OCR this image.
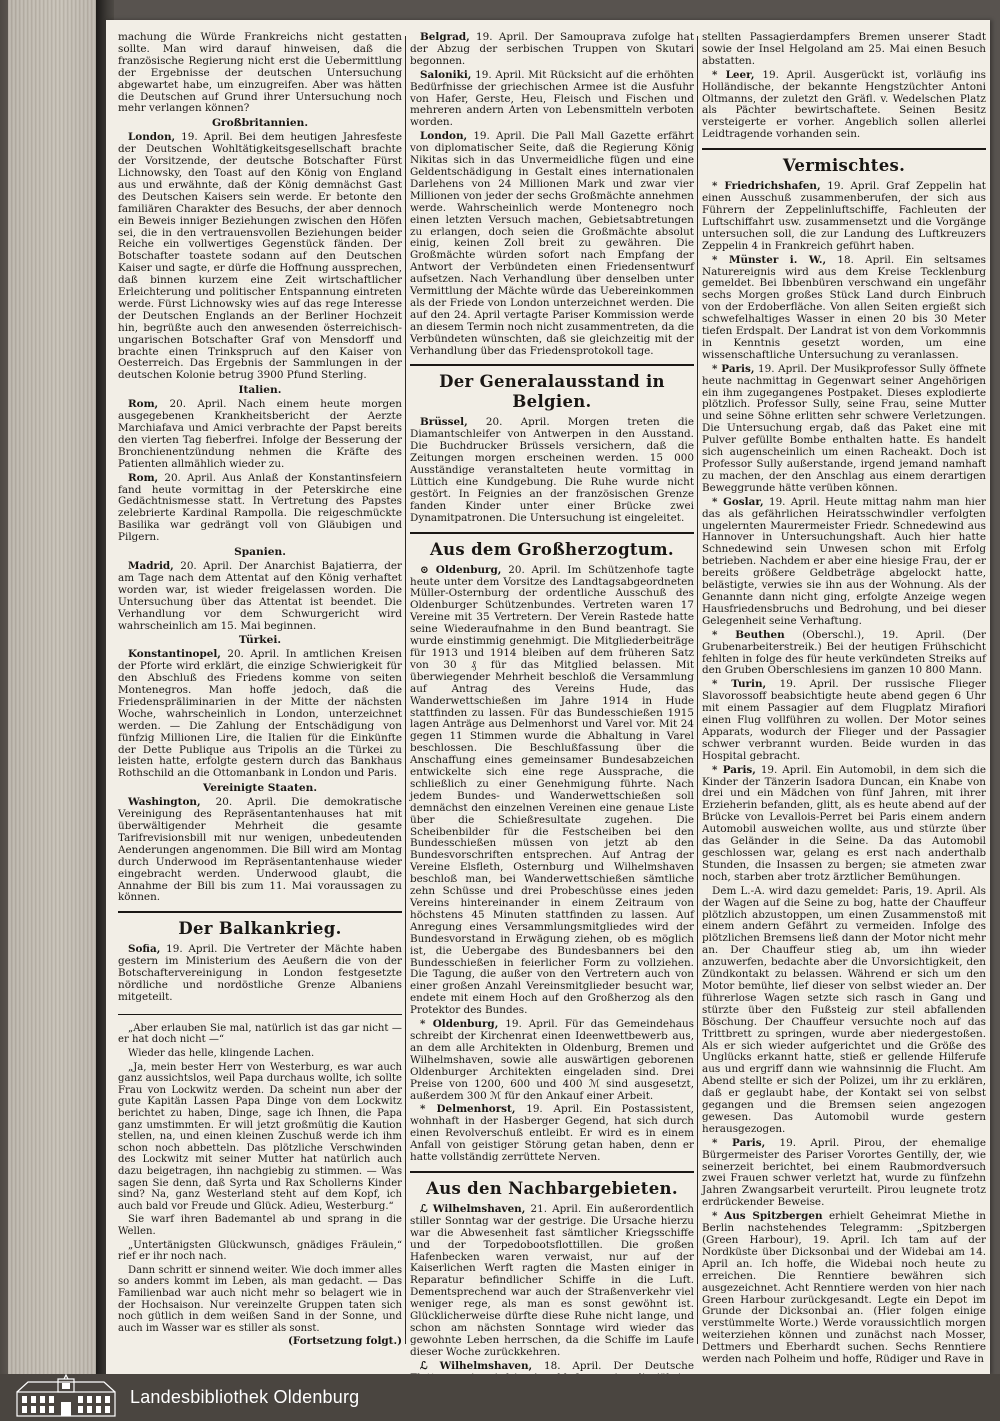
machung die Würde Frankreichs nicht gestatten sollte. Man wird darauf hinweisen, daß die französische Regierung nicht erst die Uebermittlung der Ergebnisse der deutschen Untersuchung abgewartet habe, um einzugreifen. Aber was hätten die Deutschen auf Grund ihrer Untersuchung noch mehr verlangen können?

Großbritannien.

London, 19. April. Bei dem heutigen Jahresfeste der Deutschen Wohltätigkeitsgesellschaft brachte der Vorsitzende, der deutsche Botschafter Fürst Lichnowsky, den Toast auf den König von England aus und erwähnte, daß der König demnächst Gast des Deutschen Kaisers sein werde. Er betonte den familiären Charakter des Besuchs, der aber dennoch ein Beweis inniger Beziehungen zwischen den Höfen sei, die in den vertrauensvollen Beziehungen beider Reiche ein vollwertiges Gegenstück fänden. Der Botschafter toastete sodann auf den Deutschen Kaiser und sagte, er dürfe die Hoffnung aussprechen, daß binnen kurzem eine Zeit wirtschaftlicher Erleichterung und politischer Entspannung eintreten werde. Fürst Lichnowsky wies auf das rege Interesse der Deutschen Englands an der Berliner Hochzeit hin, begrüßte auch den anwesenden österreichisch-ungarischen Botschafter Graf von Mensdorff und brachte einen Trinkspruch auf den Kaiser von Oesterreich. Das Ergebnis der Sammlungen in der deutschen Kolonie betrug 3900 Pfund Sterling.

Italien.

Rom, 20. April. Nach einem heute morgen ausgegebenen Krankheitsbericht der Aerzte Marchiafava und Amici verbrachte der Papst bereits den vierten Tag fieberfrei. Infolge der Besserung der Bronchienentzündung nehmen die Kräfte des Patienten allmählich wieder zu.

Rom, 20. April. Aus Anlaß der Konstantinsfeiern fand heute vormittag in der Peterskirche eine Gedächtnismesse statt. In Vertretung des Papstes zelebrierte Kardinal Rampolla. Die reigeschmückte Basilika war gedrängt voll von Gläubigen und Pilgern.

Spanien.

Madrid, 20. April. Der Anarchist Bajatierra, der am Tage nach dem Attentat auf den König verhaftet worden war, ist wieder freigelassen worden. Die Untersuchung über das Attentat ist beendet. Die Verhandlung vor dem Schwurgericht wird wahrscheinlich am 15. Mai beginnen.

Türkei.

Konstantinopel, 20. April. In amtlichen Kreisen der Pforte wird erklärt, die einzige Schwierigkeit für den Abschluß des Friedens komme von seiten Montenegros. Man hoffe jedoch, daß die Friedenspräliminarien in der Mitte der nächsten Woche, wahrscheinlich in London, unterzeichnet werden. — Die Zahlung der Entschädigung von fünfzig Millionen Lire, die Italien für die Einkünfte der Dette Publique aus Tripolis an die Türkei zu leisten hatte, erfolgte gestern durch das Bankhaus Rothschild an die Ottomanbank in London und Paris.

Vereinigte Staaten.

Washington, 20. April. Die demokratische Vereinigung des Repräsentantenhauses hat mit überwältigender Mehrheit die gesamte Tarifrevisionsbill mit nur wenigen, unbedeutenden Aenderungen angenommen. Die Bill wird am Montag durch Underwood im Repräsentantenhause wieder eingebracht werden. Underwood glaubt, die Annahme der Bill bis zum 11. Mai voraussagen zu können.

Der Balkankrieg.

Sofia, 19. April. Die Vertreter der Mächte haben gestern im Ministerium des Aeußern die von der Botschaftervereinigung in London festgesetzte nördliche und nordöstliche Grenze Albaniens mitgeteilt.

„Aber erlauben Sie mal, natürlich ist das gar nicht — er hat doch nicht —“

Wieder das helle, klingende Lachen.

„Ja, mein bester Herr von Westerburg, es war auch ganz aussichtslos, weil Papa durchaus wollte, ich sollte Frau von Lockwitz werden. Da scheint nun aber der gute Kapitän Lassen Papa Dinge von dem Lockwitz berichtet zu haben, Dinge, sage ich Ihnen, die Papa ganz umstimmten. Er will jetzt großmütig die Kaution stellen, na, und einen kleinen Zuschuß werde ich ihm schon noch abbetteln. Das plötzliche Verschwinden des Lockwitz mit seiner Mutter hat natürlich auch dazu beigetragen, ihn nachgiebig zu stimmen. — Was sagen Sie denn, daß Syrta und Rax Schollerns Kinder sind? Na, ganz Westerland steht auf dem Kopf, ich auch bald vor Freude und Glück. Adieu, Westerburg.“

Sie warf ihren Bademantel ab und sprang in die Wellen.

„Untertänigsten Glückwunsch, gnädiges Fräulein,“ rief er ihr noch nach.

Dann schritt er sinnend weiter. Wie doch immer alles so anders kommt im Leben, als man gedacht. — Das Familienbad war auch nicht mehr so belagert wie in der Hochsaison. Nur vereinzelte Gruppen taten sich noch gütlich in dem weißen Sand in der Sonne, und auch im Wasser war es stiller als sonst.

(Fortsetzung folgt.)

Belgrad, 19. April. Der Samouprava zufolge hat der Abzug der serbischen Truppen von Skutari begonnen.

Saloniki, 19. April. Mit Rücksicht auf die erhöhten Bedürfnisse der griechischen Armee ist die Ausfuhr von Hafer, Gerste, Heu, Fleisch und Fischen und mehreren andern Arten von Lebensmitteln verboten worden.

London, 19. April. Die Pall Mall Gazette erfährt von diplomatischer Seite, daß die Regierung König Nikitas sich in das Unvermeidliche fügen und eine Geldentschädigung in Gestalt eines internationalen Darlehens von 24 Millionen Mark und zwar vier Millionen von jeder der sechs Großmächte annehmen werde. Wahrscheinlich werde Montenegro noch einen letzten Versuch machen, Gebietsabtretungen zu erlangen, doch seien die Großmächte absolut einig, keinen Zoll breit zu gewähren. Die Großmächte würden sofort nach Empfang der Antwort der Verbündeten einen Friedensentwurf aufsetzen. Nach Verhandlung über denselben unter Vermittlung der Mächte würde das Uebereinkommen als der Friede von London unterzeichnet werden. Die auf den 24. April vertagte Pariser Kommission werde an diesem Termin noch nicht zusammentreten, da die Verbündeten wünschten, daß sie gleichzeitig mit der Verhandlung über das Friedensprotokoll tage.

Der Generalausstand in Belgien.

Brüssel, 20. April. Morgen treten die Diamantschleifer von Antwerpen in den Ausstand. Die Buchdrucker Brüssels versichern, daß die Zeitungen morgen erscheinen werden. 15 000 Ausständige veranstalteten heute vormittag in Lüttich eine Kundgebung. Die Ruhe wurde nicht gestört. In Feignies an der französischen Grenze fanden Kinder unter einer Brücke zwei Dynamitpatronen. Die Untersuchung ist eingeleitet.

Aus dem Großherzogtum.

⊙ Oldenburg, 20. April. Im Schützenhofe tagte heute unter dem Vorsitze des Landtagsabgeordneten Müller-Osternburg der ordentliche Ausschuß des Oldenburger Schützenbundes. Vertreten waren 17 Vereine mit 35 Vertretern. Der Verein Rastede hatte seine Wiederaufnahme in den Bund beantragt. Sie wurde einstimmig genehmigt. Die Mitgliederbeiträge für 1913 und 1914 bleiben auf dem früheren Satz von 30 ₰ für das Mitglied belassen. Mit überwiegender Mehrheit beschloß die Versammlung auf Antrag des Vereins Hude, das Wanderwettschießen im Jahre 1914 in Hude stattfinden zu lassen. Für das Bundesschießen 1915 lagen Anträge aus Delmenhorst und Varel vor. Mit 24 gegen 11 Stimmen wurde die Abhaltung in Varel beschlossen. Die Beschlußfassung über die Anschaffung eines gemeinsamer Bundesabzeichen entwickelte sich eine rege Aussprache, die schließlich zu einer Genehmigung führte. Nach jedem Bundes- und Wanderwettschießen soll demnächst den einzelnen Vereinen eine genaue Liste über die Schießresultate zugehen. Die Scheibenbilder für die Festscheiben bei den Bundesschießen müssen von jetzt ab den Bundesvorschriften entsprechen. Auf Antrag der Vereine Elsfleth, Osternburg und Wilhelmshaven beschloß man, bei Wanderwettschießen sämtliche zehn Schüsse und drei Probeschüsse eines jeden Vereins hintereinander in einem Zeitraum von höchstens 45 Minuten stattfinden zu lassen. Auf Anregung eines Versammlungsmitgliedes wird der Bundesvorstand in Erwägung ziehen, ob es möglich ist, die Uebergabe des Bundesbanners bei den Bundesschießen in feierlicher Form zu vollziehen. Die Tagung, die außer von den Vertretern auch von einer großen Anzahl Vereinsmitglieder besucht war, endete mit einem Hoch auf den Großherzog als den Protektor des Bundes.

* Oldenburg, 19. April. Für das Gemeindehaus schreibt der Kirchenrat einen Ideenwettbewerb aus, an dem alle Architekten in Oldenburg, Bremen und Wilhelmshaven, sowie alle auswärtigen geborenen Oldenburger Architekten eingeladen sind. Drei Preise von 1200, 600 und 400 ℳ sind ausgesetzt, außerdem 300 ℳ für den Ankauf einer Arbeit.

* Delmenhorst, 19. April. Ein Postassistent, wohnhaft in der Hasberger Gegend, hat sich durch einen Revolverschuß entleibt. Er wird es in einem Anfall von geistiger Störung getan haben, denn er hatte vollständig zerrüttete Nerven.

Aus den Nachbargebieten.

ℒ Wilhelmshaven, 21. April. Ein außerordentlich stiller Sonntag war der gestrige. Die Ursache hierzu war die Abwesenheit fast sämtlicher Kriegsschiffe und der Torpedobootsflottillen. Die großen Hafenbecken waren verwaist, nur auf der Kaiserlichen Werft ragten die Masten einiger in Reparatur befindlicher Schiffe in die Luft. Dementsprechend war auch der Straßenverkehr viel weniger rege, als man es sonst gewöhnt ist. Glücklicherweise dürfte diese Ruhe nicht lange, und schon am nächsten Sonntage wird wieder das gewohnte Leben herrschen, da die Schiffe im Laufe dieser Woche zurückkehren.

ℒ Wilhelmshaven, 18. April. Der Deutsche

stellten Passagierdampfers Bremen unserer Stadt sowie der Insel Helgoland am 25. Mai einen Besuch abstatten.

* Leer, 19. April. Ausgerückt ist, vorläufig ins Holländische, der bekannte Hengstzüchter Antoni Oltmanns, der zuletzt den Gräfl. v. Wedelschen Platz als Pächter bewirtschaftete. Seinen Besitz versteigerte er vorher. Angeblich sollen allerlei Leidtragende vorhanden sein.

Vermischtes.

* Friedrichshafen, 19. April. Graf Zeppelin hat einen Ausschuß zusammenberufen, der sich aus Führern der Zeppelinluftschiffe, Fachleuten der Luftschiffahrt usw. zusammensetzt und die Vorgänge untersuchen soll, die zur Landung des Luftkreuzers Zeppelin 4 in Frankreich geführt haben.

* Münster i. W., 18. April. Ein seltsames Naturereignis wird aus dem Kreise Tecklenburg gemeldet. Bei Ibbenbüren verschwand ein ungefähr sechs Morgen großes Stück Land durch Einbruch von der Erdoberfläche. Von allen Seiten ergießt sich schwefelhaltiges Wasser in einen 20 bis 30 Meter tiefen Erdspalt. Der Landrat ist von dem Vorkommnis in Kenntnis gesetzt worden, um eine wissenschaftliche Untersuchung zu veranlassen.

* Paris, 19. April. Der Musikprofessor Sully öffnete heute nachmittag in Gegenwart seiner Angehörigen ein ihm zugegangenes Postpaket. Dieses explodierte plötzlich. Professor Sully, seine Frau, seine Mutter und seine Söhne erlitten sehr schwere Verletzungen. Die Untersuchung ergab, daß das Paket eine mit Pulver gefüllte Bombe enthalten hatte. Es handelt sich augenscheinlich um einen Racheakt. Doch ist Professor Sully außerstande, irgend jemand namhaft zu machen, der den Anschlag aus einem derartigen Beweggrunde hätte verüben können.

* Goslar, 19. April. Heute mittag nahm man hier das als gefährlichen Heiratsschwindler verfolgten ungelernten Maurermeister Friedr. Schnedewind aus Hannover in Untersuchungshaft. Auch hier hatte Schnedewind sein Unwesen schon mit Erfolg betrieben. Nachdem er aber eine hiesige Frau, der er bereits größere Geldbeträge abgelockt hatte, belästigte, verwies sie ihn aus der Wohnung. Als der Genannte dann nicht ging, erfolgte Anzeige wegen Hausfriedensbruchs und Bedrohung, und bei dieser Gelegenheit seine Verhaftung.

* Beuthen (Oberschl.), 19. April. (Der Grubenarbeiterstreik.) Bei der heutigen Frühschicht fehlten in folge des für heute verkündeten Streiks auf den Gruben Oberschlesiens im ganzen 10 800 Mann.

* Turin, 19. April. Der russische Flieger Slavorossoff beabsichtigte heute abend gegen 6 Uhr mit einem Passagier auf dem Flugplatz Mirafiori einen Flug vollführen zu wollen. Der Motor seines Apparats, wodurch der Flieger und der Passagier schwer verbrannt wurden. Beide wurden in das Hospital gebracht.

* Paris, 19. April. Ein Automobil, in dem sich die Kinder der Tänzerin Isadora Duncan, ein Knabe von drei und ein Mädchen von fünf Jahren, mit ihrer Erzieherin befanden, glitt, als es heute abend auf der Brücke von Levallois-Perret bei Paris einem andern Automobil ausweichen wollte, aus und stürzte über das Geländer in die Seine. Da das Automobil geschlossen war, gelang es erst nach anderthalb Stunden, die Insassen zu bergen; sie atmeten zwar noch, starben aber trotz ärztlicher Bemühungen.

Dem L.-A. wird dazu gemeldet: Paris, 19. April. Als der Wagen auf die Seine zu bog, hatte der Chauffeur plötzlich abzustoppen, um einen Zusammenstoß mit einem andern Gefährt zu vermeiden. Infolge des plötzlichen Bremsens ließ dann der Motor nicht mehr an. Der Chauffeur stieg ab, um ihn wieder anzuwerfen, bedachte aber die Unvorsichtigkeit, den Zündkontakt zu belassen. Während er sich um den Motor bemühte, lief dieser von selbst wieder an. Der führerlose Wagen setzte sich rasch in Gang und stürzte über den Fußsteig zur steil abfallenden Böschung. Der Chauffeur versuchte noch auf das Trittbrett zu springen, wurde aber niedergestoßen. Als er sich wieder aufgerichtet und die Größe des Unglücks erkannt hatte, stieß er gellende Hilferufe aus und ergriff dann wie wahnsinnig die Flucht. Am Abend stellte er sich der Polizei, um ihr zu erklären, daß er geglaubt habe, der Kontakt sei von selbst gegangen und die Bremsen seien angezogen gewesen. Das Automobil wurde gestern herausgezogen.

* Paris, 19. April. Pirou, der ehemalige Bürgermeister des Pariser Vorortes Gentilly, der, wie seinerzeit berichtet, bei einem Raubmordversuch zwei Frauen schwer verletzt hat, wurde zu fünfzehn Jahren Zwangsarbeit verurteilt. Pirou leugnete trotz erdrückender Beweise.

* Aus Spitzbergen erhielt Geheimrat Miethe in Berlin nachstehendes Telegramm: „Spitzbergen (Green Harbour), 19. April. Ich tam auf der Nordküste über Dicksonbai und der Widebai am 14. April an. Ich hoffe, die Widebai noch heute zu erreichen. Die Renntiere bewähren sich ausgezeichnet. Acht Renntiere werden von hier nach Green Harbour zurückgesandt. Legte ein Depot im Grunde der Dicksonbai an. (Hier folgen einige verstümmelte Worte.) Werde voraussichtlich morgen weiterziehen können und zunächst nach Mosser, Dettmers und Eberhardt suchen. Sechs Renntiere werden nach Polheim und hoffe, Rüdiger und Rave in

Landesbibliothek Oldenburg
